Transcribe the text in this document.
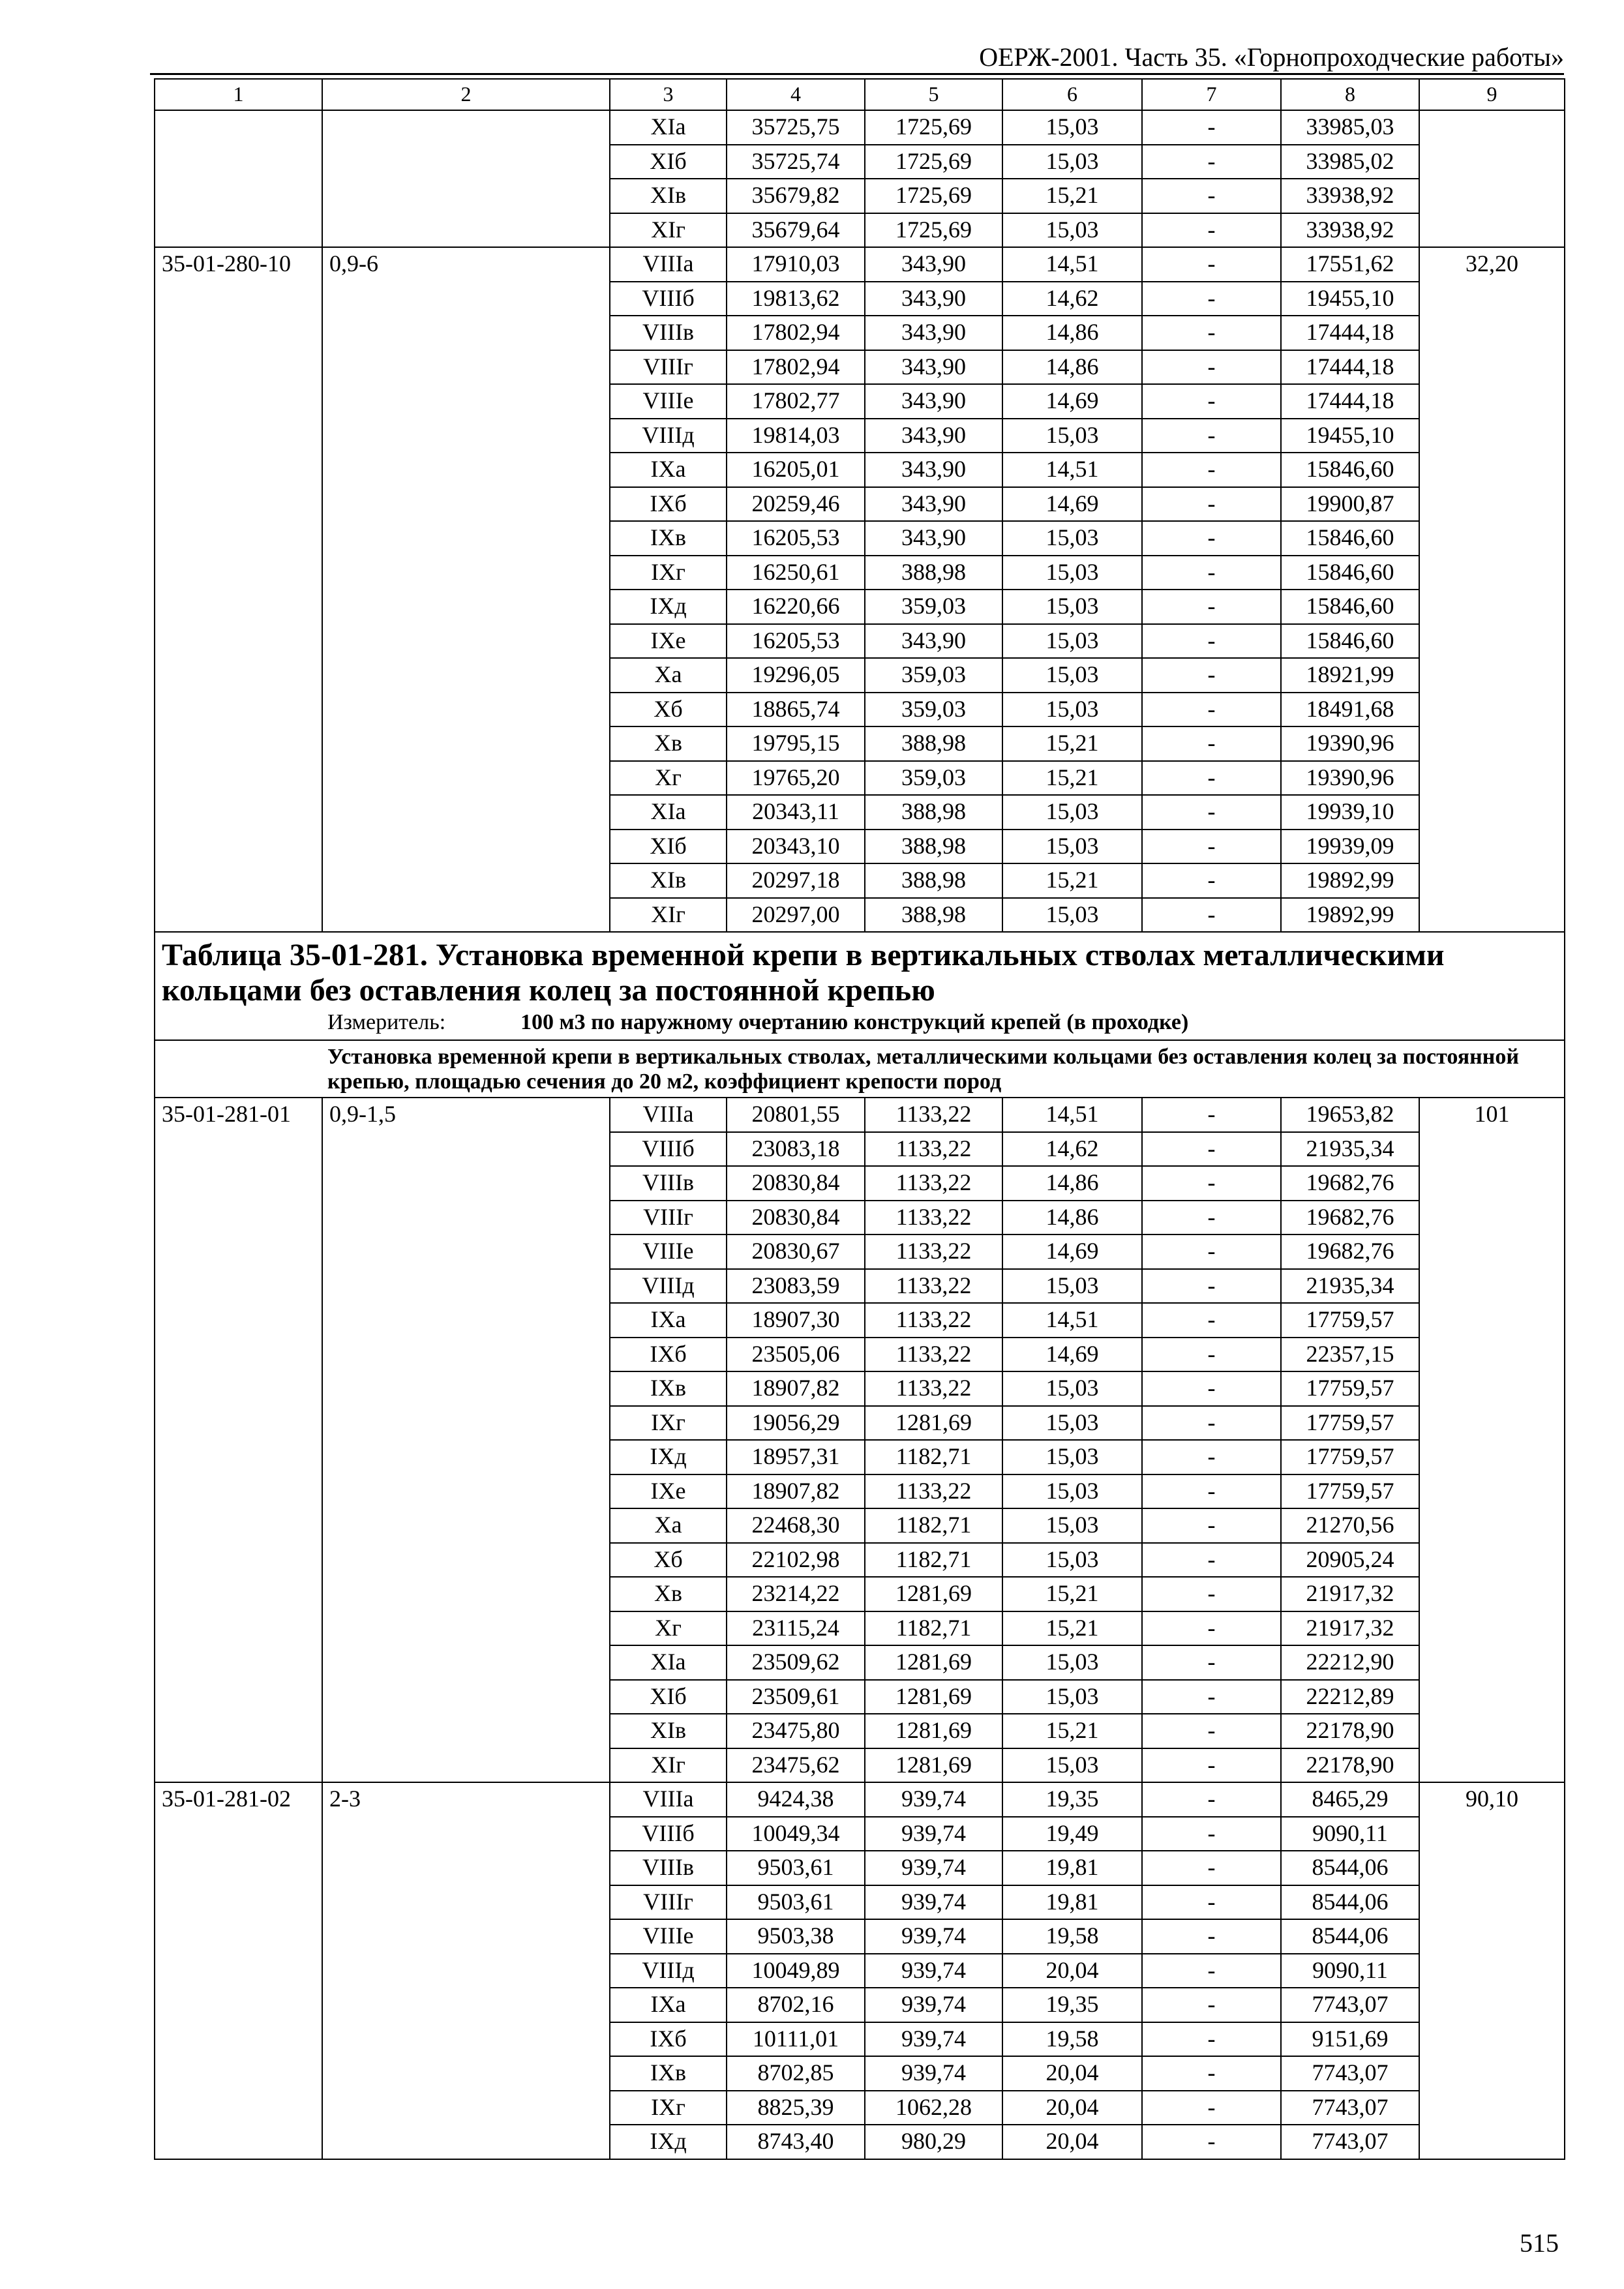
ОЕРЖ-2001. Часть 35. «Горнопроходческие работы»
1	2	3	4	5	6	7	8	9
		XIa	35725,75	1725,69	15,03	-	33985,03	
		XIб	35725,74	1725,69	15,03	-	33985,02	
		XIв	35679,82	1725,69	15,21	-	33938,92	
		XIг	35679,64	1725,69	15,03	-	33938,92	
35-01-280-10	0,9-6	VIIIa	17910,03	343,90	14,51	-	17551,62	32,20
		VIIIб	19813,62	343,90	14,62	-	19455,10	
		VIIIв	17802,94	343,90	14,86	-	17444,18	
		VIIIг	17802,94	343,90	14,86	-	17444,18	
		VIIIе	17802,77	343,90	14,69	-	17444,18	
		VIIIд	19814,03	343,90	15,03	-	19455,10	
		IXa	16205,01	343,90	14,51	-	15846,60	
		IXб	20259,46	343,90	14,69	-	19900,87	
		IXв	16205,53	343,90	15,03	-	15846,60	
		IXг	16250,61	388,98	15,03	-	15846,60	
		IXд	16220,66	359,03	15,03	-	15846,60	
		IXе	16205,53	343,90	15,03	-	15846,60	
		Xa	19296,05	359,03	15,03	-	18921,99	
		Xб	18865,74	359,03	15,03	-	18491,68	
		Xв	19795,15	388,98	15,21	-	19390,96	
		Xг	19765,20	359,03	15,21	-	19390,96	
		XIa	20343,11	388,98	15,03	-	19939,10	
		XIб	20343,10	388,98	15,03	-	19939,09	
		XIв	20297,18	388,98	15,21	-	19892,99	
		XIг	20297,00	388,98	15,03	-	19892,99	

Таблица 35-01-281. Установка временной крепи в вертикальных стволах металлическими кольцами без оставления колец за постоянной крепью
Измеритель: 100 м3 по наружному очертанию конструкций крепей (в проходке)								

Установка временной крепи в вертикальных стволах, металлическими кольцами без оставления колец за постоянной крепью, площадью сечения до 20 м2, коэффициент крепости пород								
35-01-281-01	0,9-1,5	VIIIa	20801,55	1133,22	14,51	-	19653,82	101
		VIIIб	23083,18	1133,22	14,62	-	21935,34	
		VIIIв	20830,84	1133,22	14,86	-	19682,76	
		VIIIг	20830,84	1133,22	14,86	-	19682,76	
		VIIIе	20830,67	1133,22	14,69	-	19682,76	
		VIIIд	23083,59	1133,22	15,03	-	21935,34	
		IXa	18907,30	1133,22	14,51	-	17759,57	
		IXб	23505,06	1133,22	14,69	-	22357,15	
		IXв	18907,82	1133,22	15,03	-	17759,57	
		IXг	19056,29	1281,69	15,03	-	17759,57	
		IXд	18957,31	1182,71	15,03	-	17759,57	
		IXе	18907,82	1133,22	15,03	-	17759,57	
		Xa	22468,30	1182,71	15,03	-	21270,56	
		Xб	22102,98	1182,71	15,03	-	20905,24	
		Xв	23214,22	1281,69	15,21	-	21917,32	
		Xг	23115,24	1182,71	15,21	-	21917,32	
		XIa	23509,62	1281,69	15,03	-	22212,90	
		XIб	23509,61	1281,69	15,03	-	22212,89	
		XIв	23475,80	1281,69	15,21	-	22178,90	
		XIг	23475,62	1281,69	15,03	-	22178,90	
35-01-281-02	2-3	VIIIa	9424,38	939,74	19,35	-	8465,29	90,10
		VIIIб	10049,34	939,74	19,49	-	9090,11	
		VIIIв	9503,61	939,74	19,81	-	8544,06	
		VIIIг	9503,61	939,74	19,81	-	8544,06	
		VIIIе	9503,38	939,74	19,58	-	8544,06	
		VIIIд	10049,89	939,74	20,04	-	9090,11	
		IXa	8702,16	939,74	19,35	-	7743,07	
		IXб	10111,01	939,74	19,58	-	9151,69	
		IXв	8702,85	939,74	20,04	-	7743,07	
		IXг	8825,39	1062,28	20,04	-	7743,07	
		IXд	8743,40	980,29	20,04	-	7743,07	
515
